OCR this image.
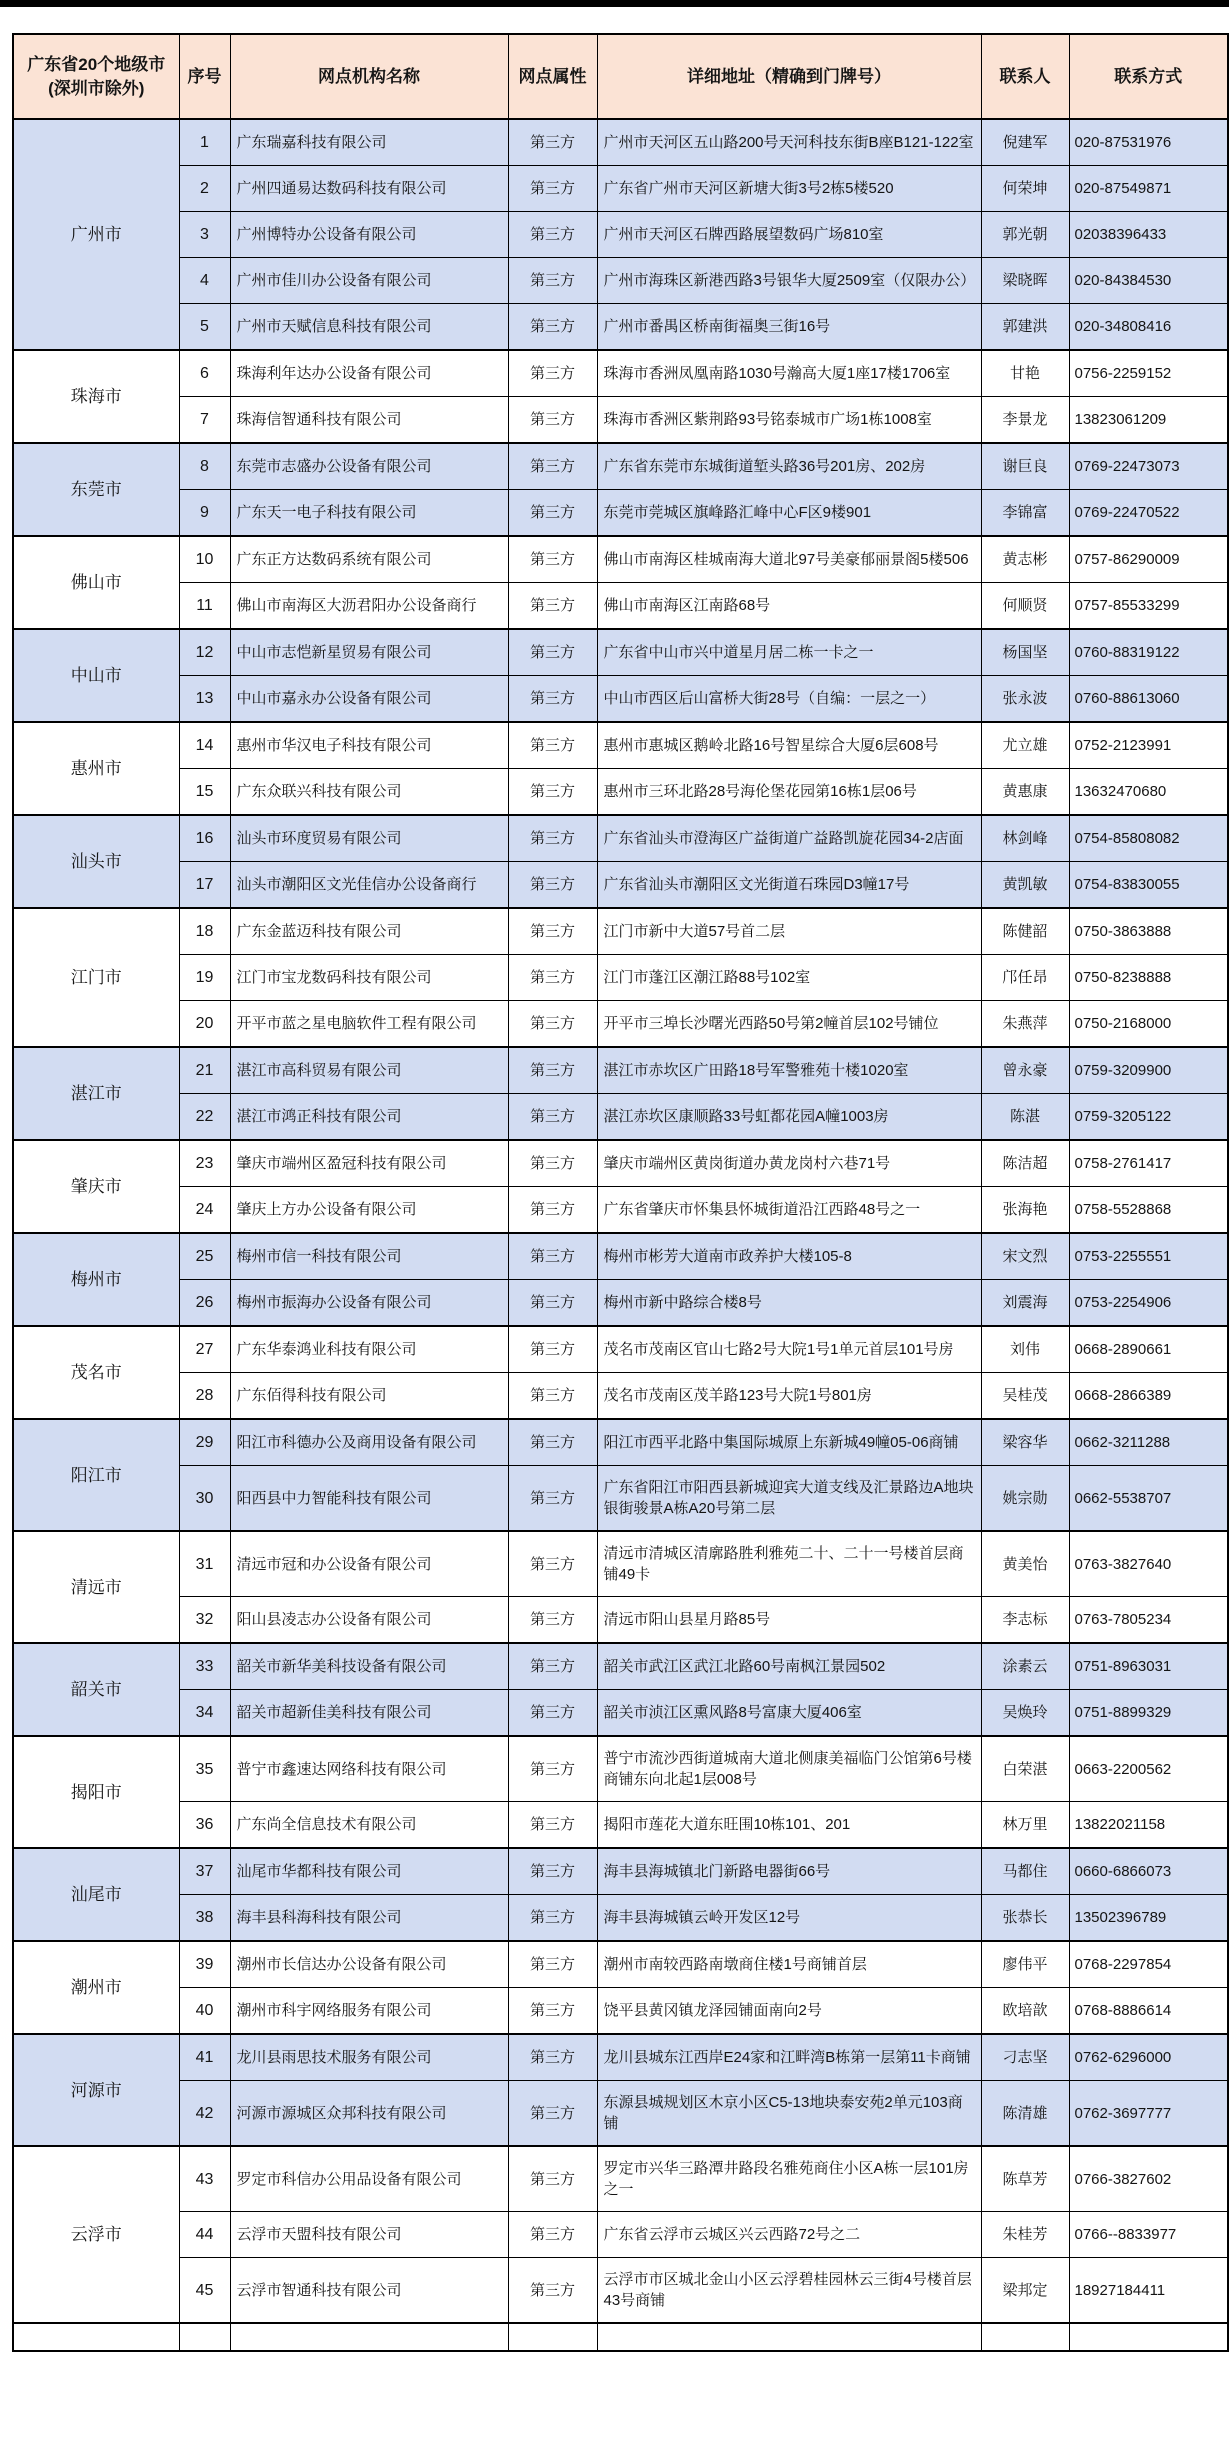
广东省20个地级市
(深圳市除外)	序号	网点机构名称	网点属性	详细地址（精确到门牌号）	联系人	联系方式
广州市	1	广东瑞嘉科技有限公司	第三方	广州市天河区五山路200号天河科技东街B座B121-122室	倪建军	020-87531976
	2	广州四通易达数码科技有限公司	第三方	广东省广州市天河区新塘大街3号2栋5楼520	何荣坤	020-87549871
	3	广州博特办公设备有限公司	第三方	广州市天河区石牌西路展望数码广场810室	郭光朝	02038396433
	4	广州市佳川办公设备有限公司	第三方	广州市海珠区新港西路3号银华大厦2509室（仅限办公）	梁晓晖	020-84384530
	5	广州市天赋信息科技有限公司	第三方	广州市番禺区桥南街福奥三街16号	郭建洪	020-34808416
珠海市	6	珠海利年达办公设备有限公司	第三方	珠海市香洲凤凰南路1030号瀚高大厦1座17楼1706室	甘艳	0756-2259152
	7	珠海信智通科技有限公司	第三方	珠海市香洲区紫荆路93号铭泰城市广场1栋1008室	李景龙	13823061209
东莞市	8	东莞市志盛办公设备有限公司	第三方	广东省东莞市东城街道堑头路36号201房、202房	谢巨良	0769-22473073
	9	广东天一电子科技有限公司	第三方	东莞市莞城区旗峰路汇峰中心F区9楼901	李锦富	0769-22470522
佛山市	10	广东正方达数码系统有限公司	第三方	佛山市南海区桂城南海大道北97号美豪郁丽景阁5楼506	黄志彬	0757-86290009
	11	佛山市南海区大沥君阳办公设备商行	第三方	佛山市南海区江南路68号	何顺贤	0757-85533299
中山市	12	中山市志恺新星贸易有限公司	第三方	广东省中山市兴中道星月居二栋一卡之一	杨国坚	0760-88319122
	13	中山市嘉永办公设备有限公司	第三方	中山市西区后山富桥大街28号（自编：一层之一）	张永波	0760-88613060
惠州市	14	惠州市华汉电子科技有限公司	第三方	惠州市惠城区鹅岭北路16号智星综合大厦6层608号	尤立雄	0752-2123991
	15	广东众联兴科技有限公司	第三方	惠州市三环北路28号海伦堡花园第16栋1层06号	黄惠康	13632470680
汕头市	16	汕头市环度贸易有限公司	第三方	广东省汕头市澄海区广益街道广益路凯旋花园34-2店面	林剑峰	0754-85808082
	17	汕头市潮阳区文光佳信办公设备商行	第三方	广东省汕头市潮阳区文光街道石珠园D3幢17号	黄凯敏	0754-83830055
江门市	18	广东金蓝迈科技有限公司	第三方	江门市新中大道57号首二层	陈健韶	0750-3863888
	19	江门市宝龙数码科技有限公司	第三方	江门市蓬江区潮江路88号102室	邝任昂	0750-8238888
	20	开平市蓝之星电脑软件工程有限公司	第三方	开平市三埠长沙曙光西路50号第2幢首层102号铺位	朱燕萍	0750-2168000
湛江市	21	湛江市高科贸易有限公司	第三方	湛江市赤坎区广田路18号军警雅苑十楼1020室	曾永豪	0759-3209900
	22	湛江市鸿正科技有限公司	第三方	湛江赤坎区康顺路33号虹都花园A幢1003房	陈湛	0759-3205122
肇庆市	23	肇庆市端州区盈冠科技有限公司	第三方	肇庆市端州区黄岗街道办黄龙岗村六巷71号	陈洁超	0758-2761417
	24	肇庆上方办公设备有限公司	第三方	广东省肇庆市怀集县怀城街道沿江西路48号之一	张海艳	0758-5528868
梅州市	25	梅州市信一科技有限公司	第三方	梅州市彬芳大道南市政养护大楼105-8	宋文烈	0753-2255551
	26	梅州市振海办公设备有限公司	第三方	梅州市新中路综合楼8号	刘震海	0753-2254906
茂名市	27	广东华泰鸿业科技有限公司	第三方	茂名市茂南区官山七路2号大院1号1单元首层101号房	刘伟	0668-2890661
	28	广东佰得科技有限公司	第三方	茂名市茂南区茂羊路123号大院1号801房	吴桂茂	0668-2866389
阳江市	29	阳江市科德办公及商用设备有限公司	第三方	阳江市西平北路中集国际城原上东新城49幢05-06商铺	梁容华	0662-3211288
	30	阳西县中力智能科技有限公司	第三方	广东省阳江市阳西县新城迎宾大道支线及汇景路边A地块银街骏景A栋A20号第二层	姚宗勋	0662-5538707
清远市	31	清远市冠和办公设备有限公司	第三方	清远市清城区清廓路胜利雅苑二十、二十一号楼首层商铺49卡	黄美怡	0763-3827640
	32	阳山县凌志办公设备有限公司	第三方	清远市阳山县星月路85号	李志标	0763-7805234
韶关市	33	韶关市新华美科技设备有限公司	第三方	韶关市武江区武江北路60号南枫江景园502	涂素云	0751-8963031
	34	韶关市超新佳美科技有限公司	第三方	韶关市浈江区熏风路8号富康大厦406室	吴焕玲	0751-8899329
揭阳市	35	普宁市鑫速达网络科技有限公司	第三方	普宁市流沙西街道城南大道北侧康美福临门公馆第6号楼商铺东向北起1层008号	白荣湛	0663-2200562
	36	广东尚全信息技术有限公司	第三方	揭阳市莲花大道东旺围10栋101、201	林万里	13822021158
汕尾市	37	汕尾市华都科技有限公司	第三方	海丰县海城镇北门新路电器街66号	马都住	0660-6866073
	38	海丰县科海科技有限公司	第三方	海丰县海城镇云岭开发区12号	张恭长	13502396789
潮州市	39	潮州市长信达办公设备有限公司	第三方	潮州市南较西路南墩商住楼1号商铺首层	廖伟平	0768-2297854
	40	潮州市科宇网络服务有限公司	第三方	饶平县黄冈镇龙泽园铺面南向2号	欧培歆	0768-8886614
河源市	41	龙川县雨思技术服务有限公司	第三方	龙川县城东江西岸E24家和江畔湾B栋第一层第11卡商铺	刁志坚	0762-6296000
	42	河源市源城区众邦科技有限公司	第三方	东源县城规划区木京小区C5-13地块泰安苑2单元103商铺	陈清雄	0762-3697777
云浮市	43	罗定市科信办公用品设备有限公司	第三方	罗定市兴华三路潭井路段名雅苑商住小区A栋一层101房之一	陈草芳	0766-3827602
	44	云浮市天盟科技有限公司	第三方	广东省云浮市云城区兴云西路72号之二	朱桂芳	0766--8833977
	45	云浮市智通科技有限公司	第三方	云浮市市区城北金山小区云浮碧桂园林云三街4号楼首层43号商铺	梁邦定	18927184411
